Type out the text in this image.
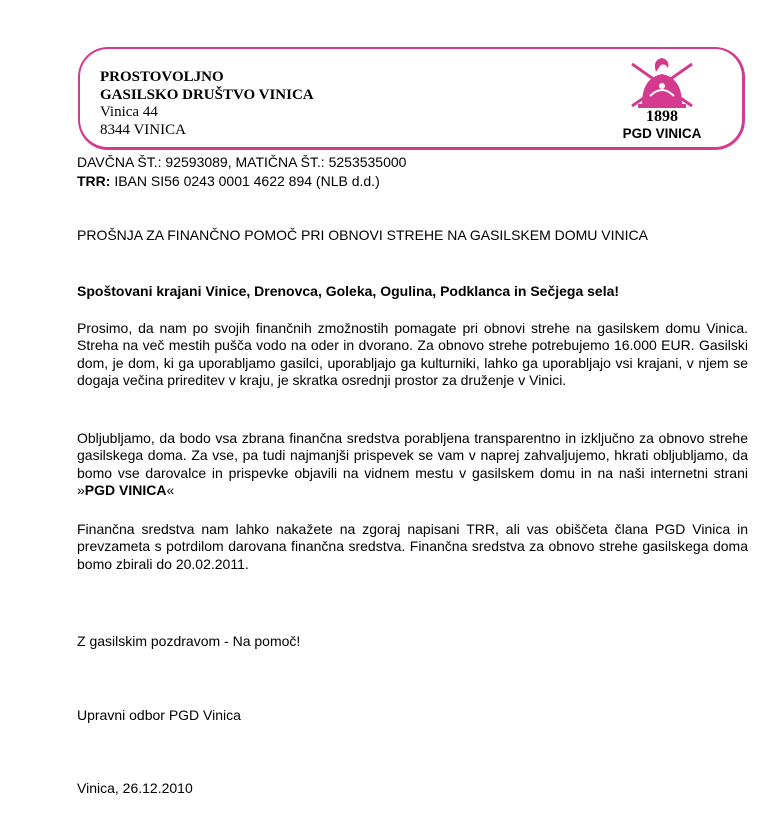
PROSTOVOLJNO
GASILSKO DRUŠTVO VINICA
Vinica 44
8344 VINICA
1898
PGD VINICA
DAVČNA ŠT.: 92593089, MATIČNA ŠT.: 5253535000
TRR: IBAN SI56 0243 0001 4622 894 (NLB d.d.)
PROŠNJA ZA FINANČNO POMOČ PRI OBNOVI STREHE NA GASILSKEM DOMU VINICA
Spoštovani krajani Vinice, Drenovca, Goleka, Ogulina, Podklanca in Sečjega sela!
Prosimo, da nam po svojih finančnih zmožnostih pomagate pri obnovi strehe na gasilskem domu Vinica. Streha na več mestih pušča vodo na oder in dvorano. Za obnovo strehe potrebujemo 16.000 EUR. Gasilski dom, je dom, ki ga uporabljamo gasilci, uporabljajo ga kulturniki, lahko ga uporabljajo vsi krajani, v njem se dogaja večina prireditev v kraju, je skratka osrednji prostor za druženje v Vinici.
Obljubljamo, da bodo vsa zbrana finančna sredstva porabljena transparentno in izključno za obnovo strehe gasilskega doma. Za vse, pa tudi najmanjši prispevek se vam v naprej zahvaljujemo, hkrati obljubljamo, da bomo vse darovalce in prispevke objavili na vidnem mestu v gasilskem domu in na naši internetni strani »PGD VINICA«
Finančna sredstva nam lahko nakažete na zgoraj napisani TRR, ali vas obiščeta člana PGD Vinica in prevzameta s potrdilom darovana finančna sredstva. Finančna sredstva za obnovo strehe gasilskega doma bomo zbirali do 20.02.2011.
Z gasilskim pozdravom - Na pomoč!
Upravni odbor PGD Vinica
Vinica, 26.12.2010
